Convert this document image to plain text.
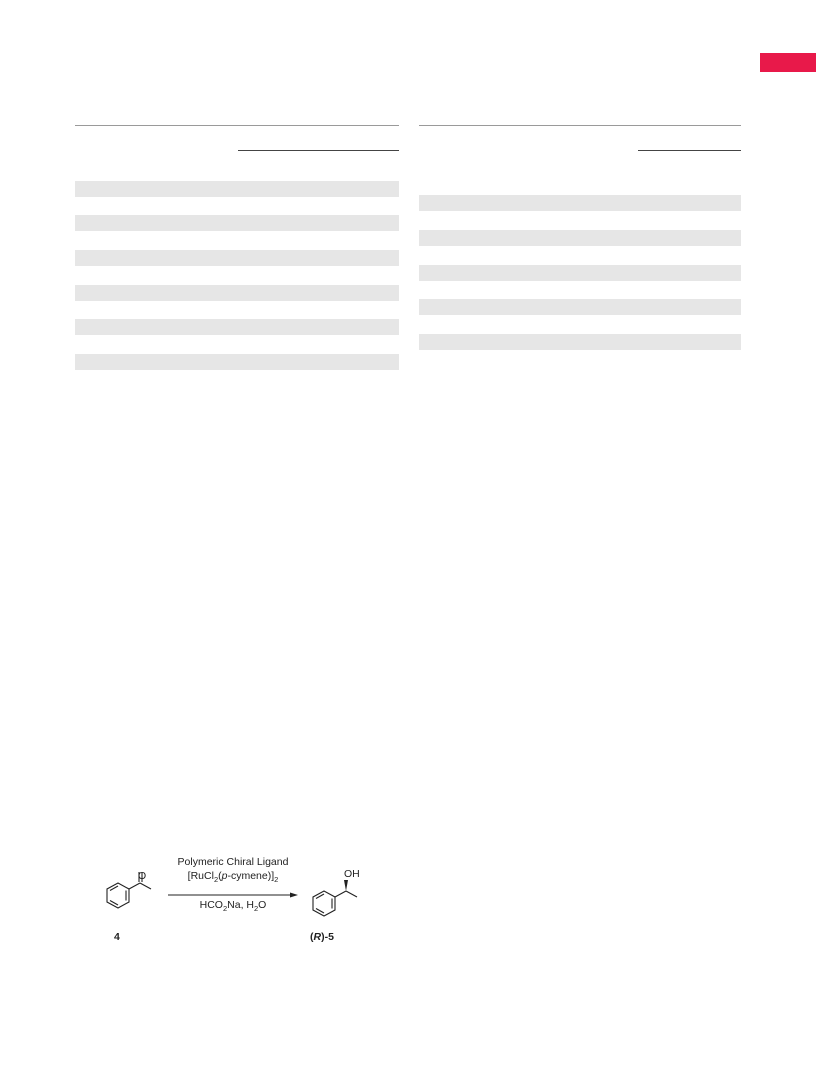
O	OH
Polymeric Chiral Ligand
$[RuCl_2(p-cymene)]_2$
$HCO_2Na$, $H_2O$
4	(R)-5
